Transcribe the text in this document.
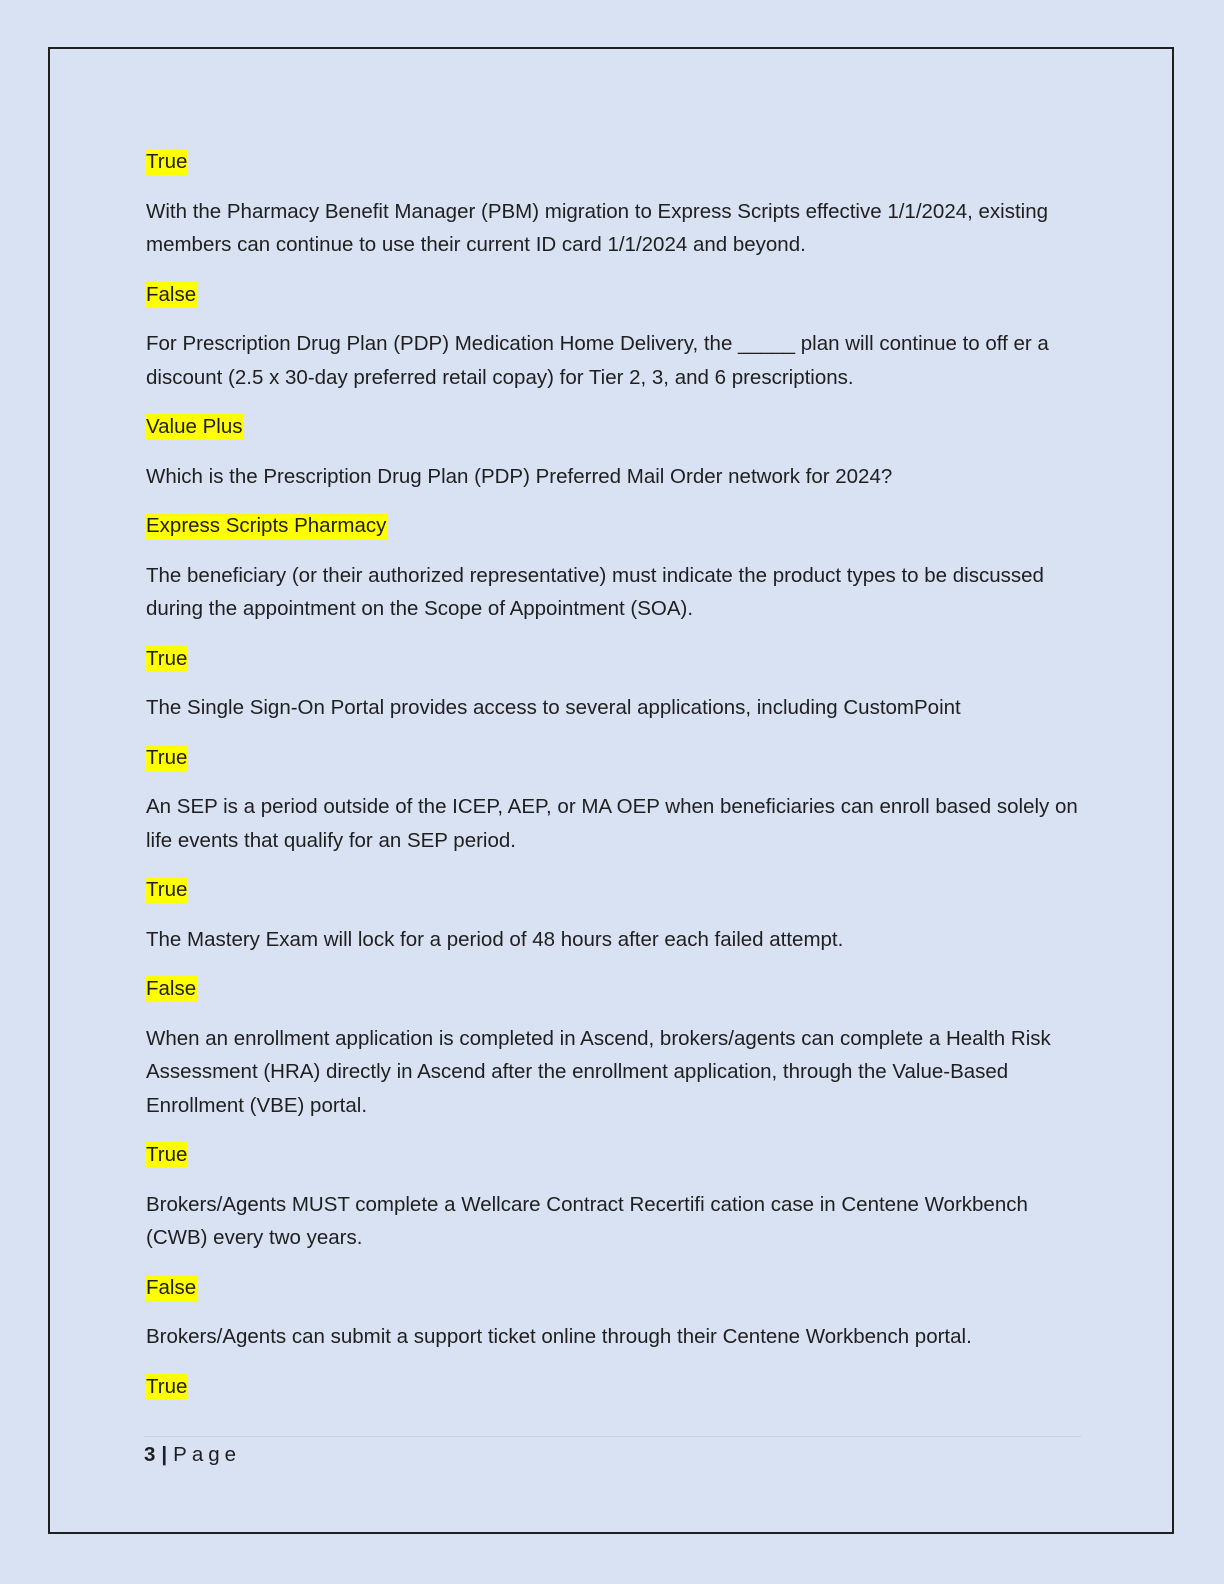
True

With the Pharmacy Benefit Manager (PBM) migration to Express Scripts effective 1/1/2024, existing members can continue to use their current ID card 1/1/2024 and beyond.

False

For Prescription Drug Plan (PDP) Medication Home Delivery, the _____ plan will continue to off er a discount (2.5 x 30-day preferred retail copay) for Tier 2, 3, and 6 prescriptions.

Value Plus

Which is the Prescription Drug Plan (PDP) Preferred Mail Order network for 2024?

Express Scripts Pharmacy

The beneficiary (or their authorized representative) must indicate the product types to be discussed during the appointment on the Scope of Appointment (SOA).

True

The Single Sign-On Portal provides access to several applications, including CustomPoint

True

An SEP is a period outside of the ICEP, AEP, or MA OEP when beneficiaries can enroll based solely on life events that qualify for an SEP period.

True

The Mastery Exam will lock for a period of 48 hours after each failed attempt.

False

When an enrollment application is completed in Ascend, brokers/agents can complete a Health Risk Assessment (HRA) directly in Ascend after the enrollment application, through the Value-Based Enrollment (VBE) portal.

True

Brokers/Agents MUST complete a Wellcare Contract Recertifi cation case in Centene Workbench (CWB) every two years.

False

Brokers/Agents can submit a support ticket online through their Centene Workbench portal.

True

3 | Page
